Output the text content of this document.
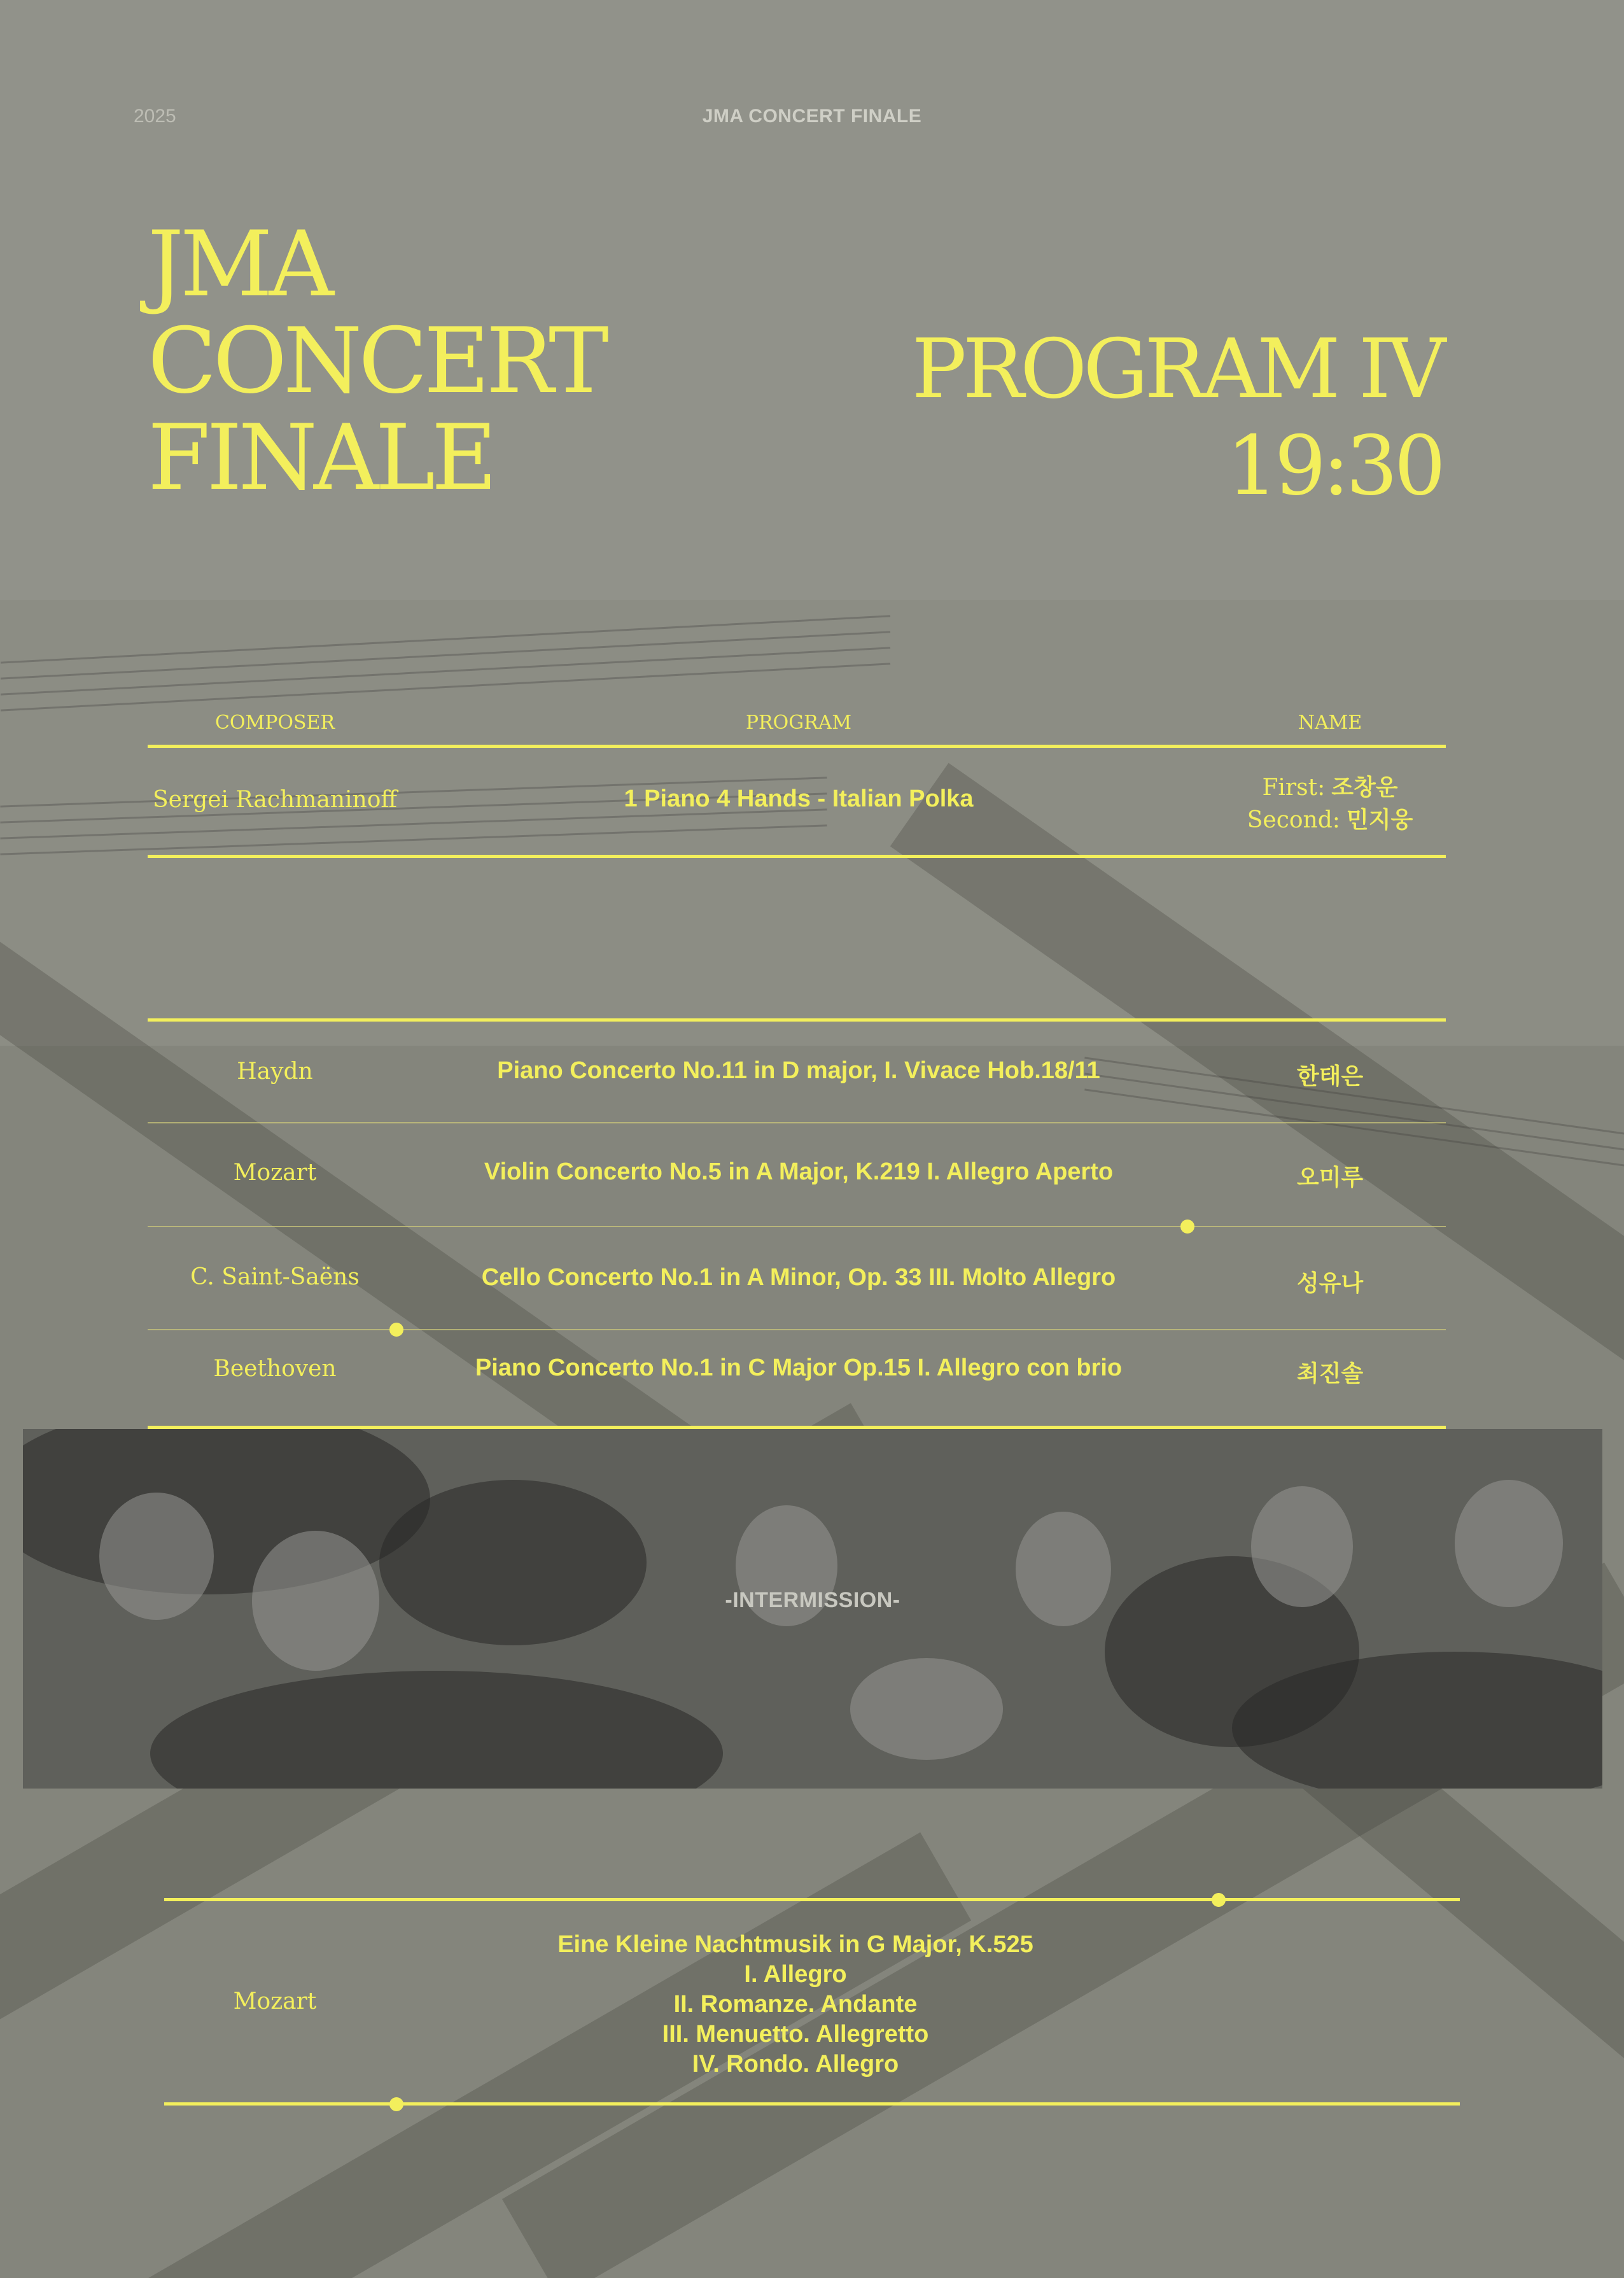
2025	JMA CONCERT FINALE
JMA
CONCERT
FINALE
PROGRAM IV
19:30
COMPOSER	PROGRAM	NAME
Sergei Rachmaninoff	1 Piano 4 Hands - Italian Polka	First: 조창운
Second: 민지웅
Haydn	Piano Concerto No.11 in D major, I. Vivace Hob.18/11	한태은
Mozart	Violin Concerto No.5 in A Major, K.219 I. Allegro Aperto	오미루
C. Saint-Saëns	Cello Concerto No.1 in A Minor, Op. 33 III. Molto Allegro	성유나
Beethoven	Piano Concerto No.1 in C Major Op.15 I. Allegro con brio	최진솔
-INTERMISSION-
Mozart
Eine Kleine Nachtmusik in G Major, K.525
I. Allegro
II. Romanze. Andante
III. Menuetto. Allegretto
IV. Rondo. Allegro
